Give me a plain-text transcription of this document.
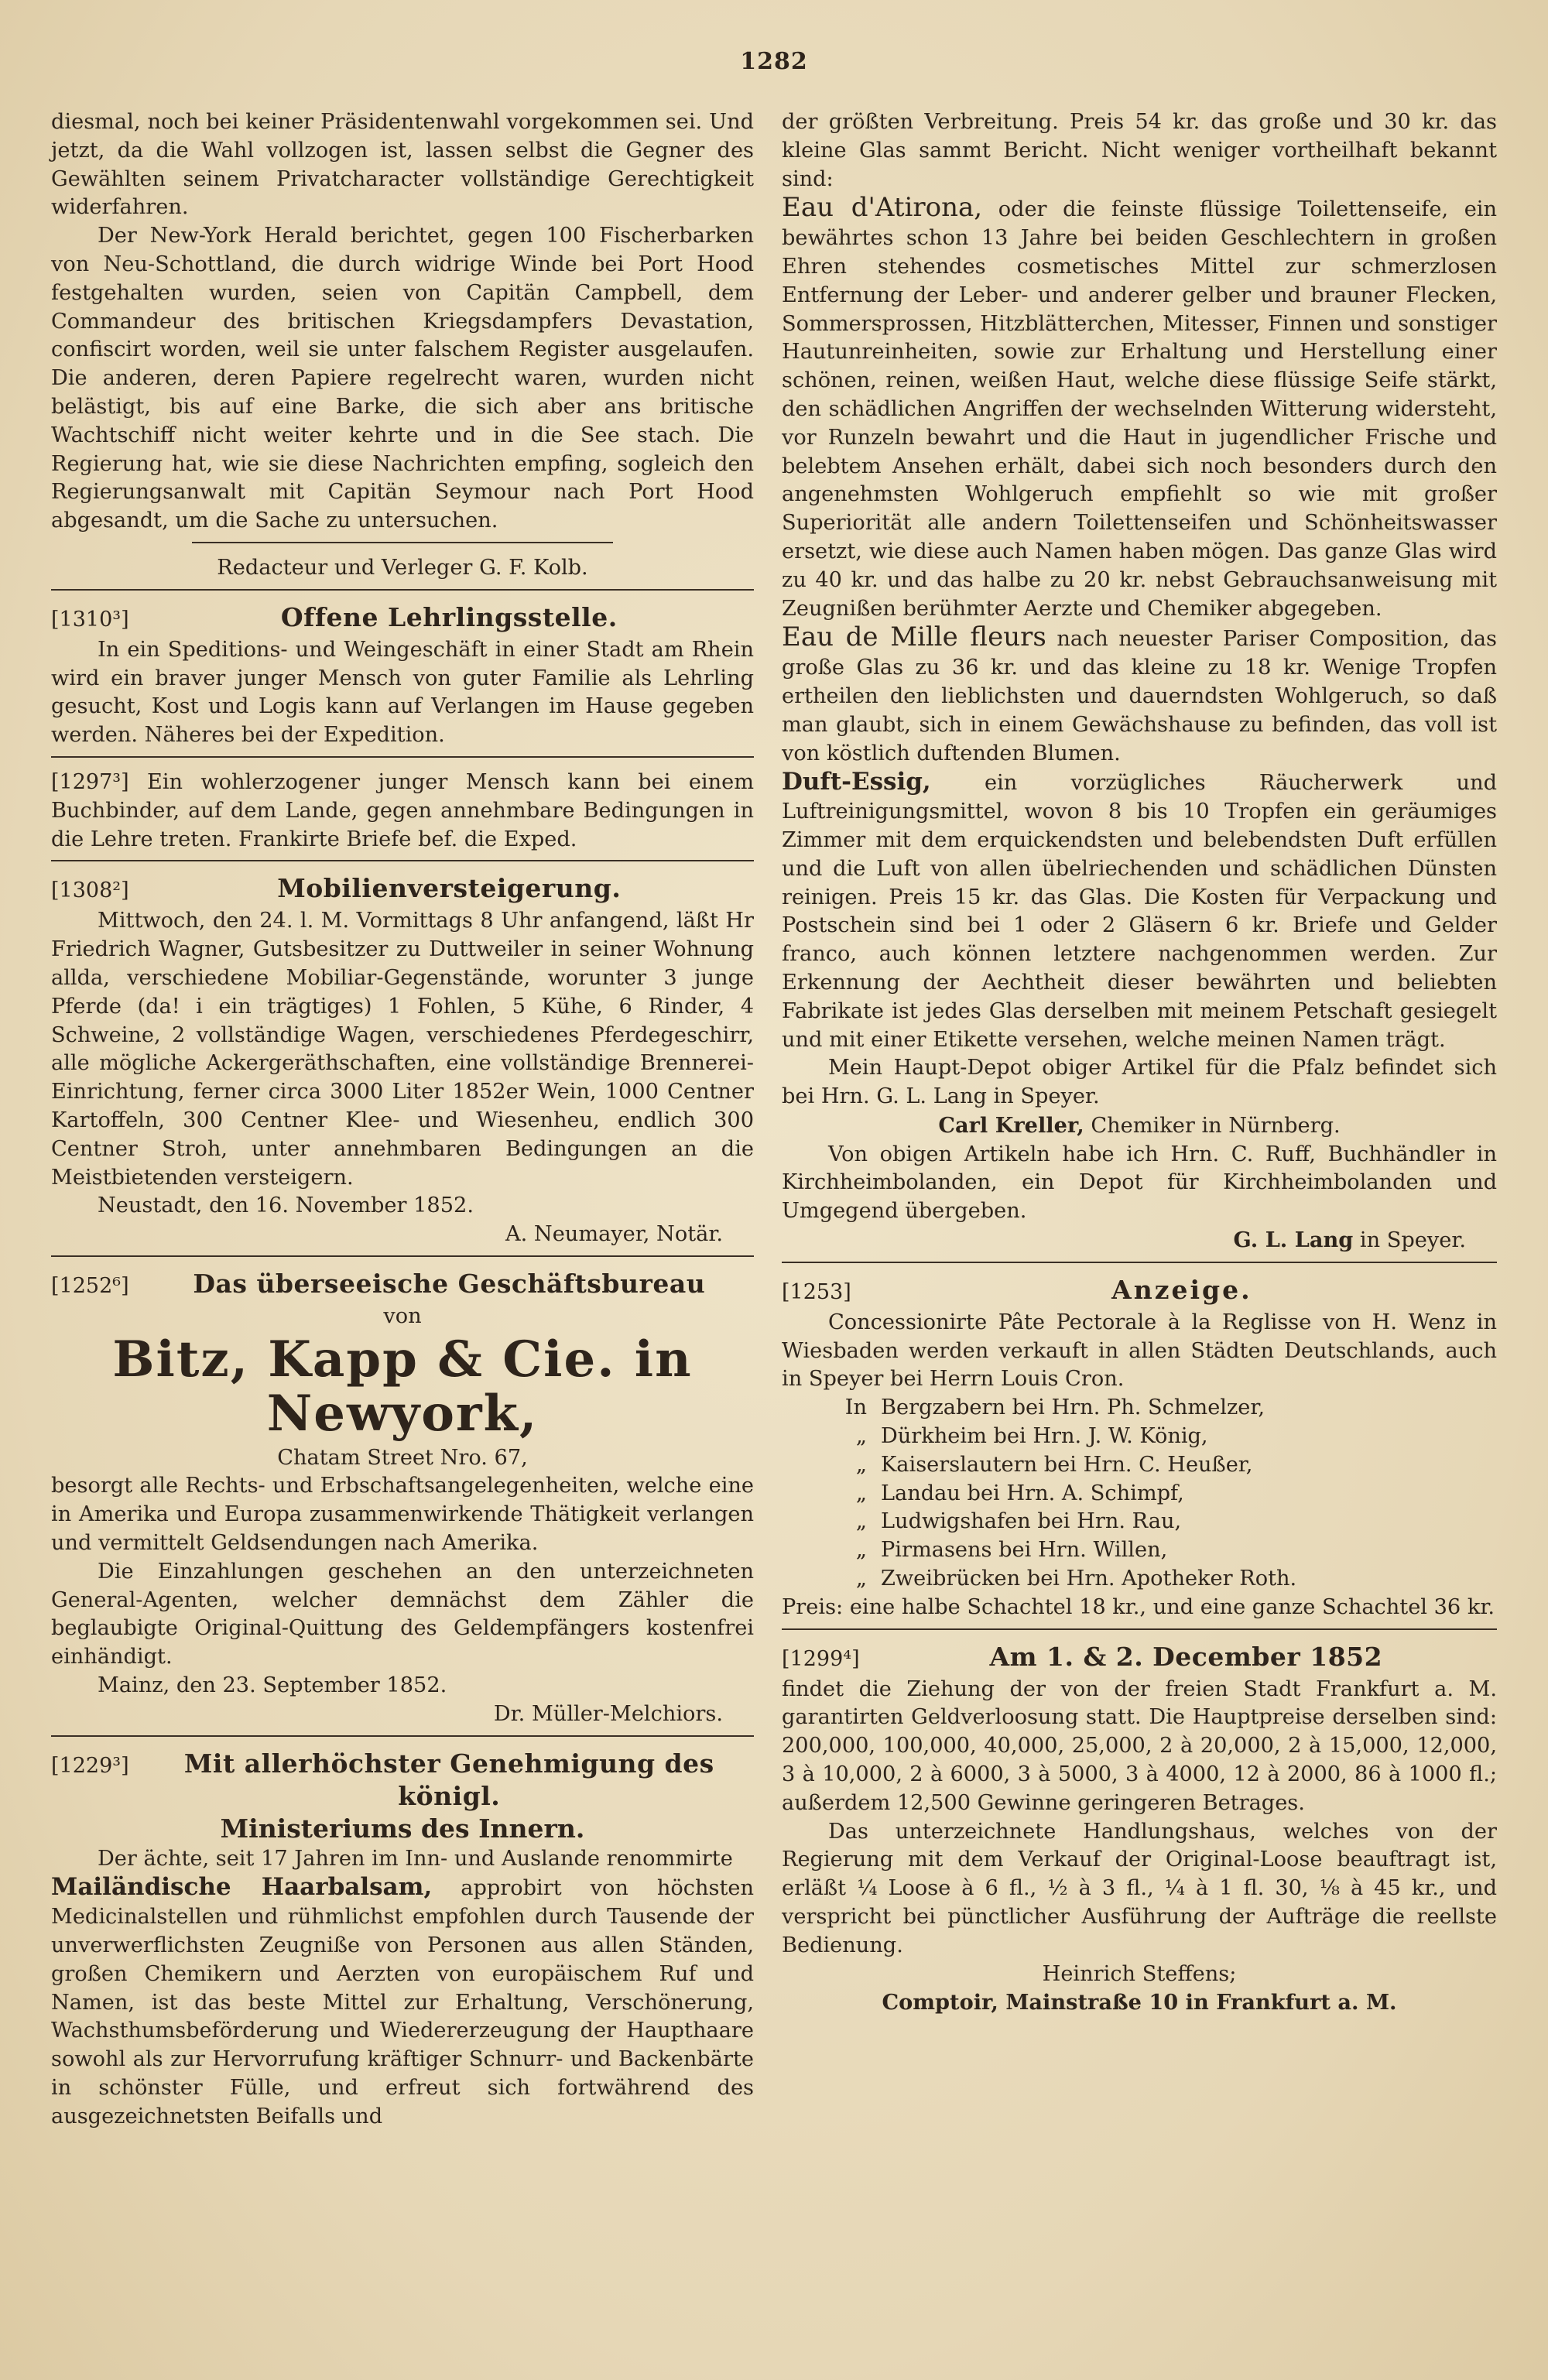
1282

diesmal, noch bei keiner Präsidentenwahl vorgekommen sei. Und jetzt, da die Wahl vollzogen ist, lassen selbst die Gegner des Gewählten seinem Privatcharacter vollständige Gerechtigkeit widerfahren.

Der New-York Herald berichtet, gegen 100 Fischerbarken von Neu-Schottland, die durch widrige Winde bei Port Hood festgehalten wurden, seien von Capitän Campbell, dem Commandeur des britischen Kriegsdampfers Devastation, confiscirt worden, weil sie unter falschem Register ausgelaufen. Die anderen, deren Papiere regelrecht waren, wurden nicht belästigt, bis auf eine Barke, die sich aber ans britische Wachtschiff nicht weiter kehrte und in die See stach. Die Regierung hat, wie sie diese Nachrichten empfing, sogleich den Regierungsanwalt mit Capitän Seymour nach Port Hood abgesandt, um die Sache zu untersuchen.

Redacteur und Verleger G. F. Kolb.
[1310³]	Offene Lehrlingsstelle.

In ein Speditions- und Weingeschäft in einer Stadt am Rhein wird ein braver junger Mensch von guter Familie als Lehrling gesucht, Kost und Logis kann auf Verlangen im Hause gegeben werden. Näheres bei der Expedition.

[1297³] Ein wohlerzogener junger Mensch kann bei einem Buchbinder, auf dem Lande, gegen annehmbare Bedingungen in die Lehre treten. Frankirte Briefe bef. die Exped.

[1308²]	Mobilienversteigerung.

Mittwoch, den 24. l. M. Vormittags 8 Uhr anfangend, läßt Hr Friedrich Wagner, Gutsbesitzer zu Duttweiler in seiner Wohnung allda, verschiedene Mobiliar-Gegenstände, worunter 3 junge Pferde (da! i ein trägtiges) 1 Fohlen, 5 Kühe, 6 Rinder, 4 Schweine, 2 vollständige Wagen, verschiedenes Pferdegeschirr, alle mögliche Ackergeräthschaften, eine vollständige Brennerei-Einrichtung, ferner circa 3000 Liter 1852er Wein, 1000 Centner Kartoffeln, 300 Centner Klee- und Wiesenheu, endlich 300 Centner Stroh, unter annehmbaren Bedingungen an die Meistbietenden versteigern.

Neustadt, den 16. November 1852.

A. Neumayer, Notär.
[1252⁶]	Das überseeische Geschäftsbureau
von
Bitz, Kapp & Cie. in Newyork,
Chatam Street Nro. 67,

besorgt alle Rechts- und Erbschaftsangelegenheiten, welche eine in Amerika und Europa zusammenwirkende Thätigkeit verlangen und vermittelt Geldsendungen nach Amerika.

Die Einzahlungen geschehen an den unterzeichneten General-Agenten, welcher demnächst dem Zähler die beglaubigte Original-Quittung des Geldempfängers kostenfrei einhändigt.

Mainz, den 23. September 1852.

Dr. Müller-Melchiors.
[1229³]	Mit allerhöchster Genehmigung des königl.
Ministeriums des Innern.

Der ächte, seit 17 Jahren im Inn- und Auslande renommirte

Mailändische Haarbalsam, approbirt von höchsten Medicinalstellen und rühmlichst empfohlen durch Tausende der unverwerflichsten Zeugniße von Personen aus allen Ständen, großen Chemikern und Aerzten von europäischem Ruf und Namen, ist das beste Mittel zur Erhaltung, Verschönerung, Wachsthumsbeförderung und Wiedererzeugung der Haupthaare sowohl als zur Hervorrufung kräftiger Schnurr- und Backenbärte in schönster Fülle, und erfreut sich fortwährend des ausgezeichnetsten Beifalls und

der größten Verbreitung. Preis 54 kr. das große und 30 kr. das kleine Glas sammt Bericht. Nicht weniger vortheilhaft bekannt sind:

Eau d'Atirona, oder die feinste flüssige Toilettenseife, ein bewährtes schon 13 Jahre bei beiden Geschlechtern in großen Ehren stehendes cosmetisches Mittel zur schmerzlosen Entfernung der Leber- und anderer gelber und brauner Flecken, Sommersprossen, Hitzblätterchen, Mitesser, Finnen und sonstiger Hautunreinheiten, sowie zur Erhaltung und Herstellung einer schönen, reinen, weißen Haut, welche diese flüssige Seife stärkt, den schädlichen Angriffen der wechselnden Witterung widersteht, vor Runzeln bewahrt und die Haut in jugendlicher Frische und belebtem Ansehen erhält, dabei sich noch besonders durch den angenehmsten Wohlgeruch empfiehlt so wie mit großer Superiorität alle andern Toilettenseifen und Schönheitswasser ersetzt, wie diese auch Namen haben mögen. Das ganze Glas wird zu 40 kr. und das halbe zu 20 kr. nebst Gebrauchsanweisung mit Zeugnißen berühmter Aerzte und Chemiker abgegeben.

Eau de Mille fleurs nach neuester Pariser Composition, das große Glas zu 36 kr. und das kleine zu 18 kr. Wenige Tropfen ertheilen den lieblichsten und dauerndsten Wohlgeruch, so daß man glaubt, sich in einem Gewächshause zu befinden, das voll ist von köstlich duftenden Blumen.

Duft-Essig,	ein vorzügliches Räucherwerk und Luftreinigungsmittel, wovon 8 bis 10 Tropfen ein geräumiges Zimmer mit dem erquickendsten und belebendsten Duft erfüllen und die Luft von allen übelriechenden und schädlichen Dünsten reinigen. Preis 15 kr. das Glas. Die Kosten für Verpackung und Postschein sind bei 1 oder 2 Gläsern 6 kr. Briefe und Gelder franco, auch können letztere nachgenommen werden. Zur Erkennung der Aechtheit dieser bewährten und beliebten Fabrikate ist jedes Glas derselben mit meinem Petschaft gesiegelt und mit einer Etikette versehen, welche meinen Namen trägt.

Mein Haupt-Depot obiger Artikel für die Pfalz befindet sich bei Hrn. G. L. Lang in Speyer.

Carl Kreller, Chemiker in Nürnberg.

Von obigen Artikeln habe ich Hrn. C. Ruff, Buchhändler in Kirchheimbolanden, ein Depot für Kirchheimbolanden und Umgegend übergeben.

G. L. Lang in Speyer.
[1253]	Anzeige.

Concessionirte Pâte Pectorale à la Reglisse von H. Wenz in Wiesbaden werden verkauft in allen Städten Deutschlands, auch in Speyer bei Herrn Louis Cron.

In Bergzabern bei Hrn. Ph. Schmelzer,
„ Dürkheim bei Hrn. J. W. König,
„ Kaiserslautern bei Hrn. C. Heußer,
„ Landau bei Hrn. A. Schimpf,
„ Ludwigshafen bei Hrn. Rau,
„ Pirmasens bei Hrn. Willen,
„ Zweibrücken bei Hrn. Apotheker Roth.

Preis: eine halbe Schachtel 18 kr., und eine ganze Schachtel 36 kr.

[1299⁴]	Am 1. & 2. December 1852

findet die Ziehung der von der freien Stadt Frankfurt a. M. garantirten Geldverloosung statt. Die Hauptpreise derselben sind: 200,000, 100,000, 40,000, 25,000, 2 à 20,000, 2 à 15,000, 12,000, 3 à 10,000, 2 à 6000, 3 à 5000, 3 à 4000, 12 à 2000, 86 à 1000 fl.; außerdem 12,500 Gewinne geringeren Betrages.

Das unterzeichnete Handlungshaus, welches von der Regierung mit dem Verkauf der Original-Loose beauftragt ist, erläßt ¼ Loose à 6 fl., ½ à 3 fl., ¼ à 1 fl. 30, ⅛ à 45 kr., und verspricht bei pünctlicher Ausführung der Aufträge die reellste Bedienung.

Heinrich Steffens;
Comptoir, Mainstraße 10 in Frankfurt a. M.
